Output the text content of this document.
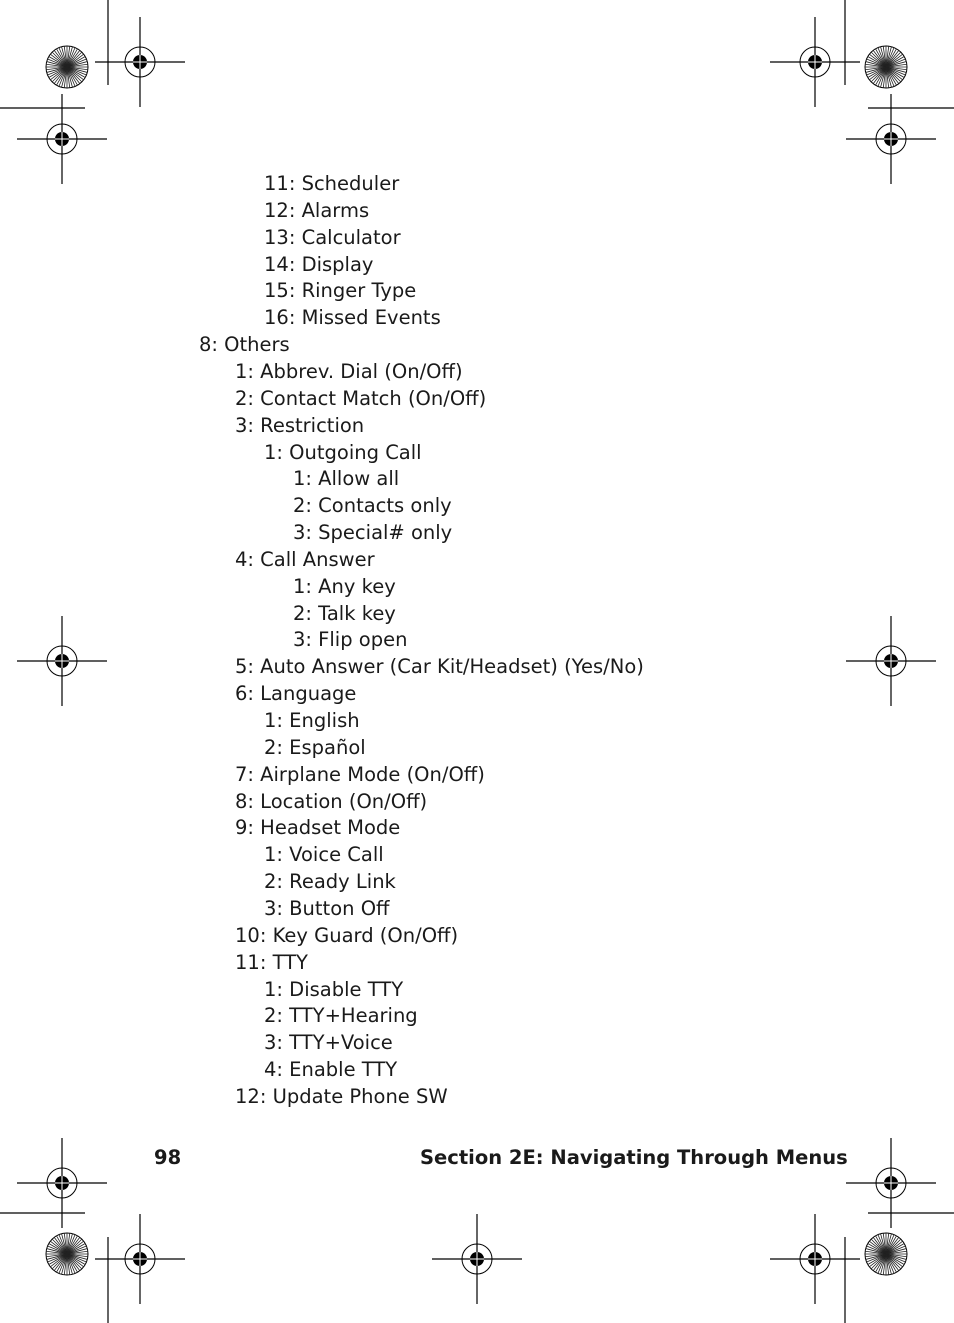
11: Scheduler
12: Alarms
13: Calculator
14: Display
15: Ringer Type
16: Missed Events
8: Others
1: Abbrev. Dial (On/Off)
2: Contact Match (On/Off)
3: Restriction
1: Outgoing Call
1: Allow all
2: Contacts only
3: Special# only
4: Call Answer
1: Any key
2: Talk key
3: Flip open
5: Auto Answer (Car Kit/Headset) (Yes/No)
6: Language
1: English
2: Español
7: Airplane Mode (On/Off)
8: Location (On/Off)
9: Headset Mode
1: Voice Call
2: Ready Link
3: Button Off
10: Key Guard (On/Off)
11: TTY
1: Disable TTY
2: TTY+Hearing
3: TTY+Voice
4: Enable TTY
12: Update Phone SW
98	Section 2E: Navigating Through Menus
